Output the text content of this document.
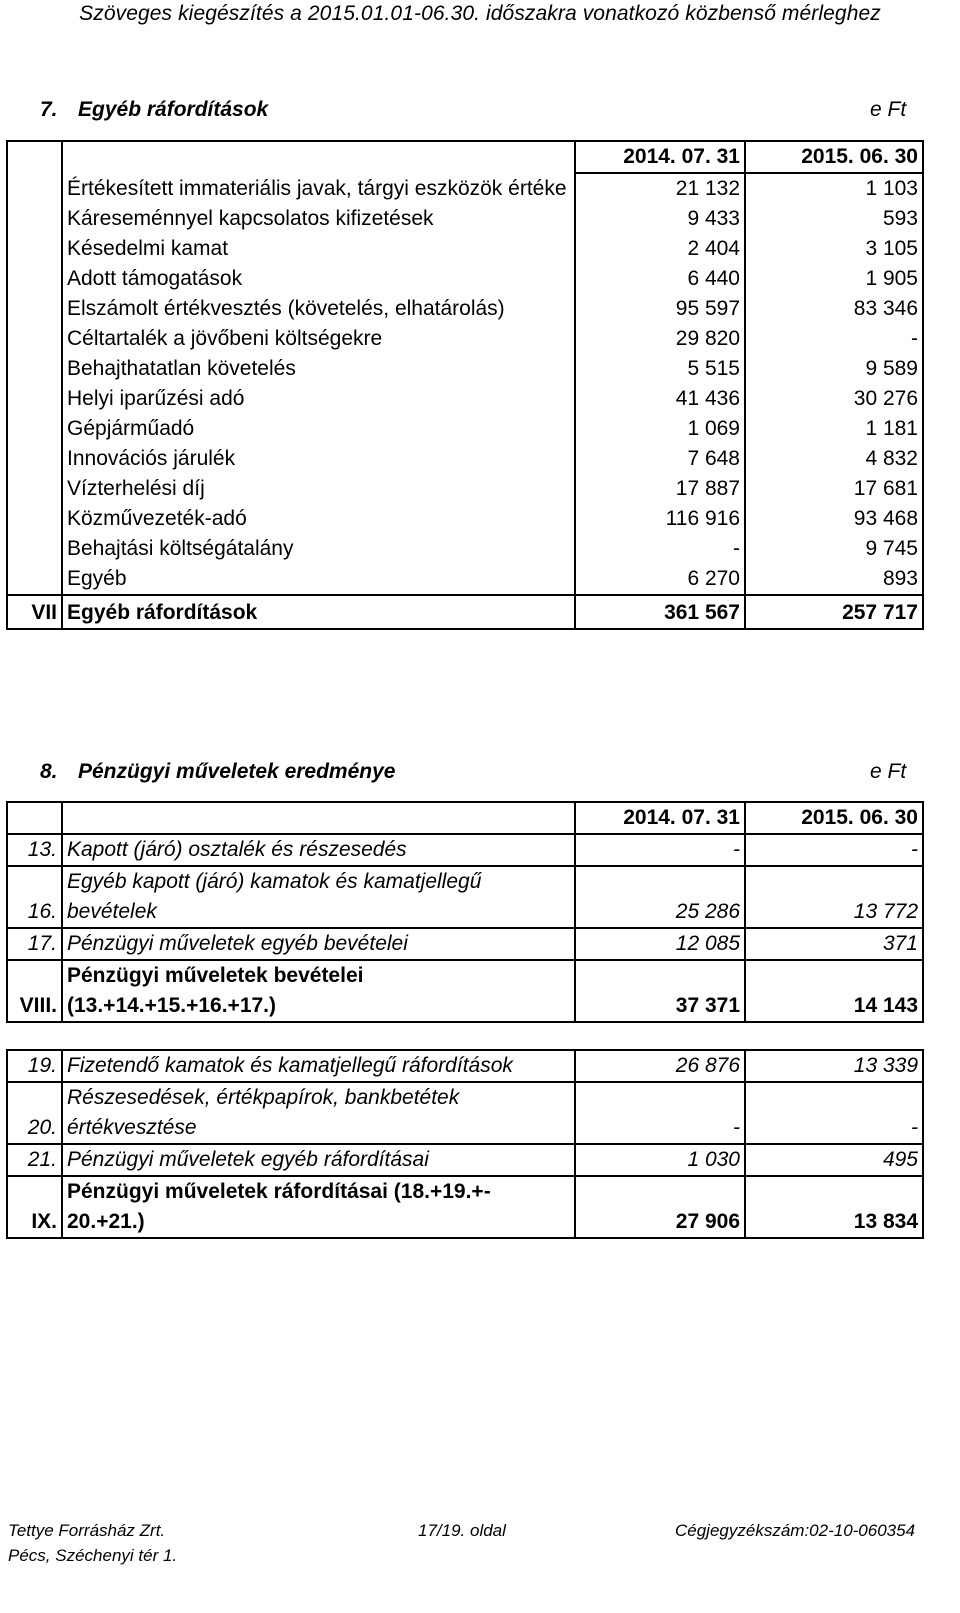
Szöveges kiegészítés a 2015.01.01-06.30. időszakra vonatkozó közbenső mérleghez
7. Egyéb ráfordítások	e Ft
		2014. 07. 31	2015. 06. 30
	Értékesített immateriális javak, tárgyi eszközök értéke	21 132	1 103
	Káreseménnyel kapcsolatos kifizetések	9 433	593
	Késedelmi kamat	2 404	3 105
	Adott támogatások	6 440	1 905
	Elszámolt értékvesztés (követelés, elhatárolás)	95 597	83 346
	Céltartalék a jövőbeni költségekre	29 820	-
	Behajthatatlan követelés	5 515	9 589
	Helyi iparűzési adó	41 436	30 276
	Gépjárműadó	1 069	1 181
	Innovációs járulék	7 648	4 832
	Vízterhelési díj	17 887	17 681
	Közművezeték-adó	116 916	93 468
	Behajtási költségátalány	-	9 745
	Egyéb	6 270	893
VII	Egyéb ráfordítások	361 567	257 717
8. Pénzügyi műveletek eredménye	e Ft
		2014. 07. 31	2015. 06. 30
13.	Kapott (járó) osztalék és részesedés	-	-
16.	Egyéb kapott (járó) kamatok és kamatjellegű
bevételek	25 286	13 772
17.	Pénzügyi műveletek egyéb bevételei	12 085	371
VIII.	Pénzügyi műveletek bevételei
(13.+14.+15.+16.+17.)	37 371	14 143
19.	Fizetendő kamatok és kamatjellegű ráfordítások	26 876	13 339
20.	Részesedések, értékpapírok, bankbetétek
értékvesztése	-	-
21.	Pénzügyi műveletek egyéb ráfordításai	1 030	495
IX.	Pénzügyi műveletek ráfordításai (18.+19.+-
20.+21.)	27 906	13 834
Tettye Forrásház Zrt.
Pécs, Széchenyi tér 1.
17/19. oldal	Cégjegyzékszám:02-10-060354
